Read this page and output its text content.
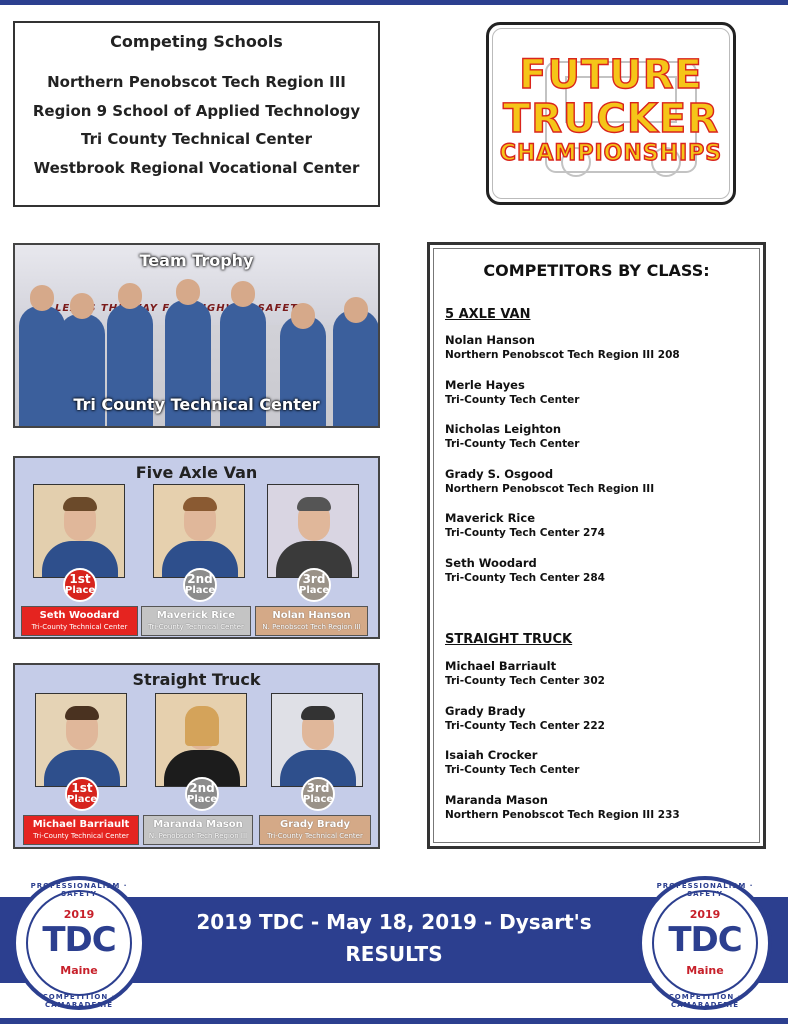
Competing Schools
Northern Penobscot Tech Region III
Region 9 School of Applied Technology
Tri County Technical Center
Westbrook Regional Vocational Center
FUTURE
TRUCKER
CHAMPIONSHIPS
HIGHWAY SAFETY
Team Trophy
Tri County Technical Center
Five Axle Van
1st
Place
Seth Woodard
Tri-County Technical Center
2nd
Place
Maverick Rice
Tri-County Technical Center
3rd
Place
Nolan Hanson
N. Penobscot Tech Region III
Straight Truck
1st
Place
Michael Barriault
Tri-County Technical Center
2nd
Place
Maranda Mason
N. Penobscot Tech Region III
3rd
Place
Grady Brady
Tri-County Technical Center
COMPETITORS BY CLASS:
5 AXLE VAN
Nolan Hanson
Northern Penobscot Tech Region III 208
Merle Hayes
Tri-County Tech Center
Nicholas Leighton
Tri-County Tech Center
Grady S. Osgood
Northern Penobscot Tech Region III
Maverick Rice
Tri-County Tech Center 274
Seth Woodard
Tri-County Tech Center 284
STRAIGHT TRUCK
Michael Barriault
Tri-County Tech Center 302
Grady Brady
Tri-County Tech Center 222
Isaiah Crocker
Tri-County Tech Center
Maranda Mason
Northern Penobscot Tech Region III 233
2019 TDC - May 18, 2019 - Dysart's
RESULTS
PROFESSIONALISM · SAFETY
2019
TDC
Maine
COMPETITION · CAMARADERIE
PROFESSIONALISM · SAFETY
2019
TDC
Maine
COMPETITION · CAMARADERIE
